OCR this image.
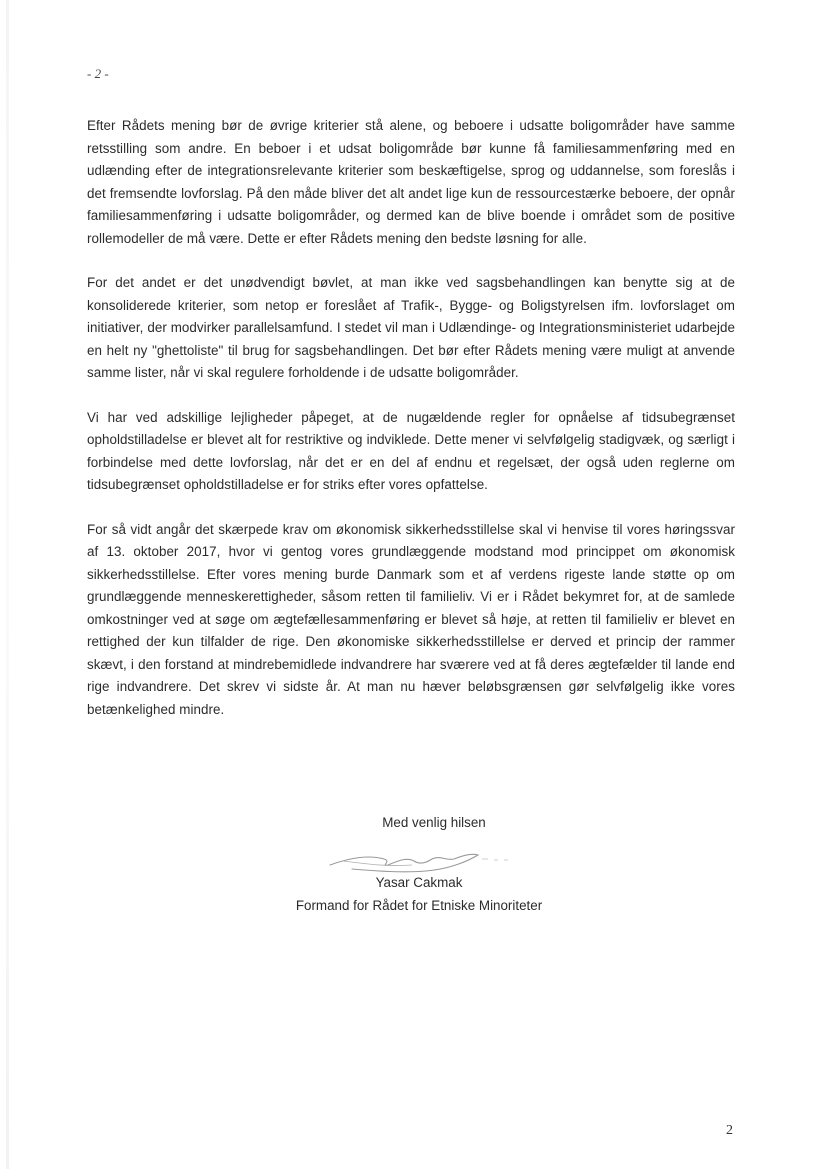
- 2 -

Efter Rådets mening bør de øvrige kriterier stå alene, og beboere i udsatte boligområder have samme retsstilling som andre. En beboer i et udsat boligområde bør kunne få familiesammenføring med en udlænding efter de integrationsrelevante kriterier som beskæftigelse, sprog og uddannelse, som foreslås i det fremsendte lovforslag. På den måde bliver det alt andet lige kun de ressourcestærke beboere, der opnår familiesammenføring i udsatte boligområder, og dermed kan de blive boende i området som de positive rollemodeller de må være. Dette er efter Rådets mening den bedste løsning for alle.

For det andet er det unødvendigt bøvlet, at man ikke ved sagsbehandlingen kan benytte sig at de konsoliderede kriterier, som netop er foreslået af Trafik-, Bygge- og Boligstyrelsen ifm. lovforslaget om initiativer, der modvirker parallelsamfund. I stedet vil man i Udlændinge- og Integrationsministeriet udarbejde en helt ny "ghettoliste" til brug for sagsbehandlingen. Det bør efter Rådets mening være muligt at anvende samme lister, når vi skal regulere forholdende i de udsatte boligområder.

Vi har ved adskillige lejligheder påpeget, at de nugældende regler for opnåelse af tidsubegrænset opholdstilladelse er blevet alt for restriktive og indviklede. Dette mener vi selvfølgelig stadigvæk, og særligt i forbindelse med dette lovforslag, når det er en del af endnu et regelsæt, der også uden reglerne om tidsubegrænset opholdstilladelse er for striks efter vores opfattelse.

For så vidt angår det skærpede krav om økonomisk sikkerhedsstillelse skal vi henvise til vores høringssvar af 13. oktober 2017, hvor vi gentog vores grundlæggende modstand mod princippet om økonomisk sikkerhedsstillelse. Efter vores mening burde Danmark som et af verdens rigeste lande støtte op om grundlæggende menneskerettigheder, såsom retten til familieliv. Vi er i Rådet bekymret for, at de samlede omkostninger ved at søge om ægtefællesammenføring er blevet så høje, at retten til familieliv er blevet en rettighed der kun tilfalder de rige. Den økonomiske sikkerhedsstillelse er derved et princip der rammer skævt, i den forstand at mindrebemidlede indvandrere har sværere ved at få deres ægtefælder til lande end rige indvandrere. Det skrev vi sidste år. At man nu hæver beløbsgrænsen gør selvfølgelig ikke vores betænkelighed mindre.

Med venlig hilsen
Yasar Cakmak
Formand for Rådet for Etniske Minoriteter
2
